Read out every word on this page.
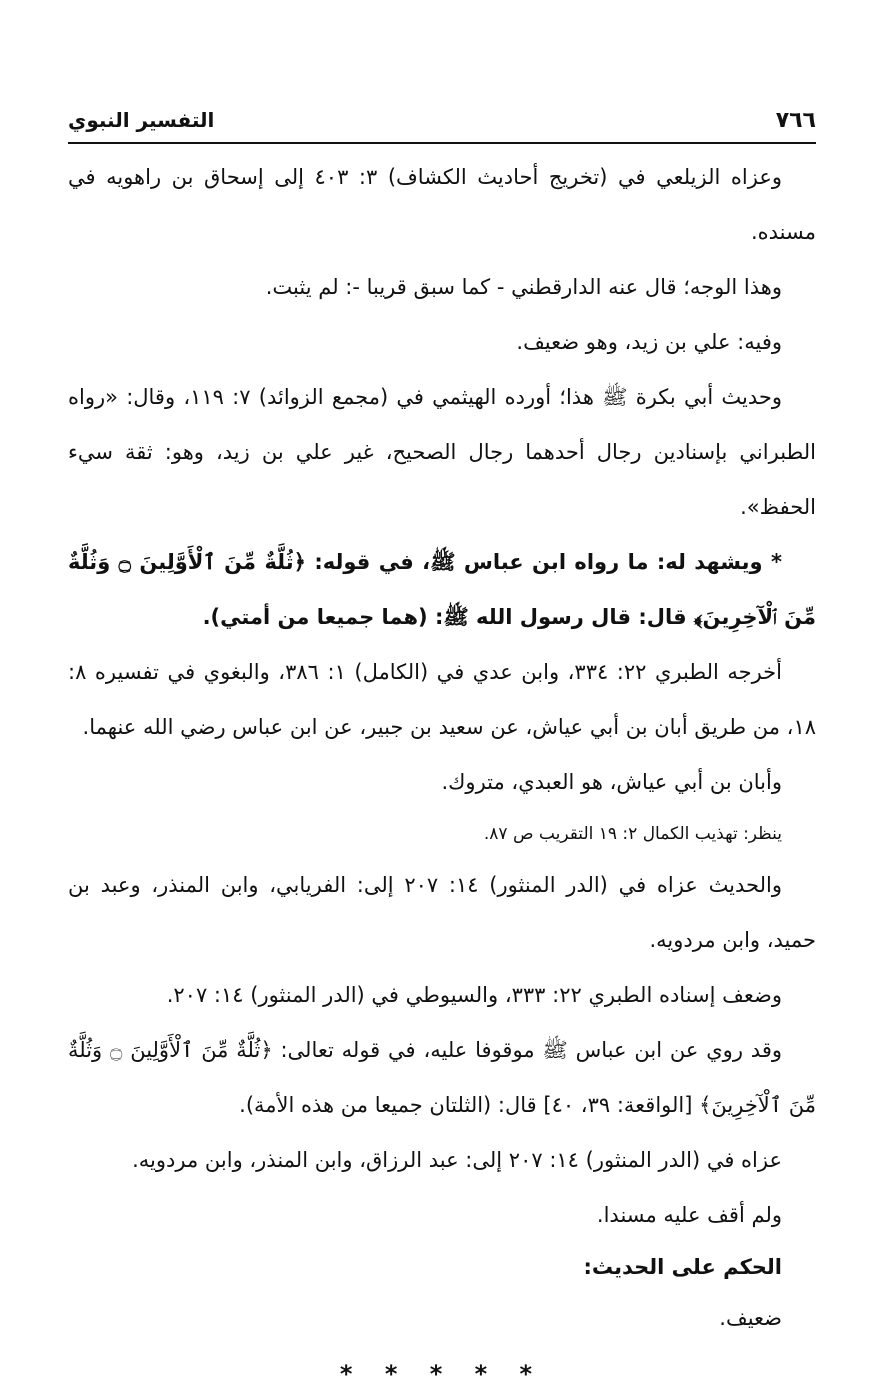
٧٦٦
التفسير النبوي

وعزاه الزيلعي في (تخريج أحاديث الكشاف) ٣: ٤٠٣ إلى إسحاق بن راهويه في مسنده.

وهذا الوجه؛ قال عنه الدارقطني - كما سبق قريبا -: لم يثبت.

وفيه: علي بن زيد، وهو ضعيف.

وحديث أبي بكرة ﷺ هذا؛ أورده الهيثمي في (مجمع الزوائد) ٧: ١١٩، وقال: «رواه الطبراني بإسنادين رجال أحدهما رجال الصحيح، غير علي بن زيد، وهو: ثقة سيء الحفظ».

* ويشهد له: ما رواه ابن عباس ﷺ، في قوله: ﴿ثُلَّةٌ مِّنَ ٱلْأَوَّلِينَ ۝ وَثُلَّةٌ مِّنَ ٱلْآخِرِينَ﴾ قال: قال رسول الله ﷺ: (هما جميعا من أمتي).

أخرجه الطبري ٢٢: ٣٣٤، وابن عدي في (الكامل) ١: ٣٨٦، والبغوي في تفسيره ٨: ١٨، من طريق أبان بن أبي عياش، عن سعيد بن جبير، عن ابن عباس رضي الله عنهما.

وأبان بن أبي عياش، هو العبدي، متروك.

ينظر: تهذيب الكمال ٢: ١٩ التقريب ص ٨٧.

والحديث عزاه في (الدر المنثور) ١٤: ٢٠٧ إلى: الفريابي، وابن المنذر، وعبد بن حميد، وابن مردويه.

وضعف إسناده الطبري ٢٢: ٣٣٣، والسيوطي في (الدر المنثور) ١٤: ٢٠٧.

وقد روي عن ابن عباس ﷺ موقوفا عليه، في قوله تعالى: ﴿ثُلَّةٌ مِّنَ ٱلْأَوَّلِينَ ۝ وَثُلَّةٌ مِّنَ ٱلْآخِرِينَ﴾ [الواقعة: ٣٩، ٤٠] قال: (الثلتان جميعا من هذه الأمة).

عزاه في (الدر المنثور) ١٤: ٢٠٧ إلى: عبد الرزاق، وابن المنذر، وابن مردويه.

ولم أقف عليه مسندا.

الحكم على الحديث:

ضعيف.

* * * * *
